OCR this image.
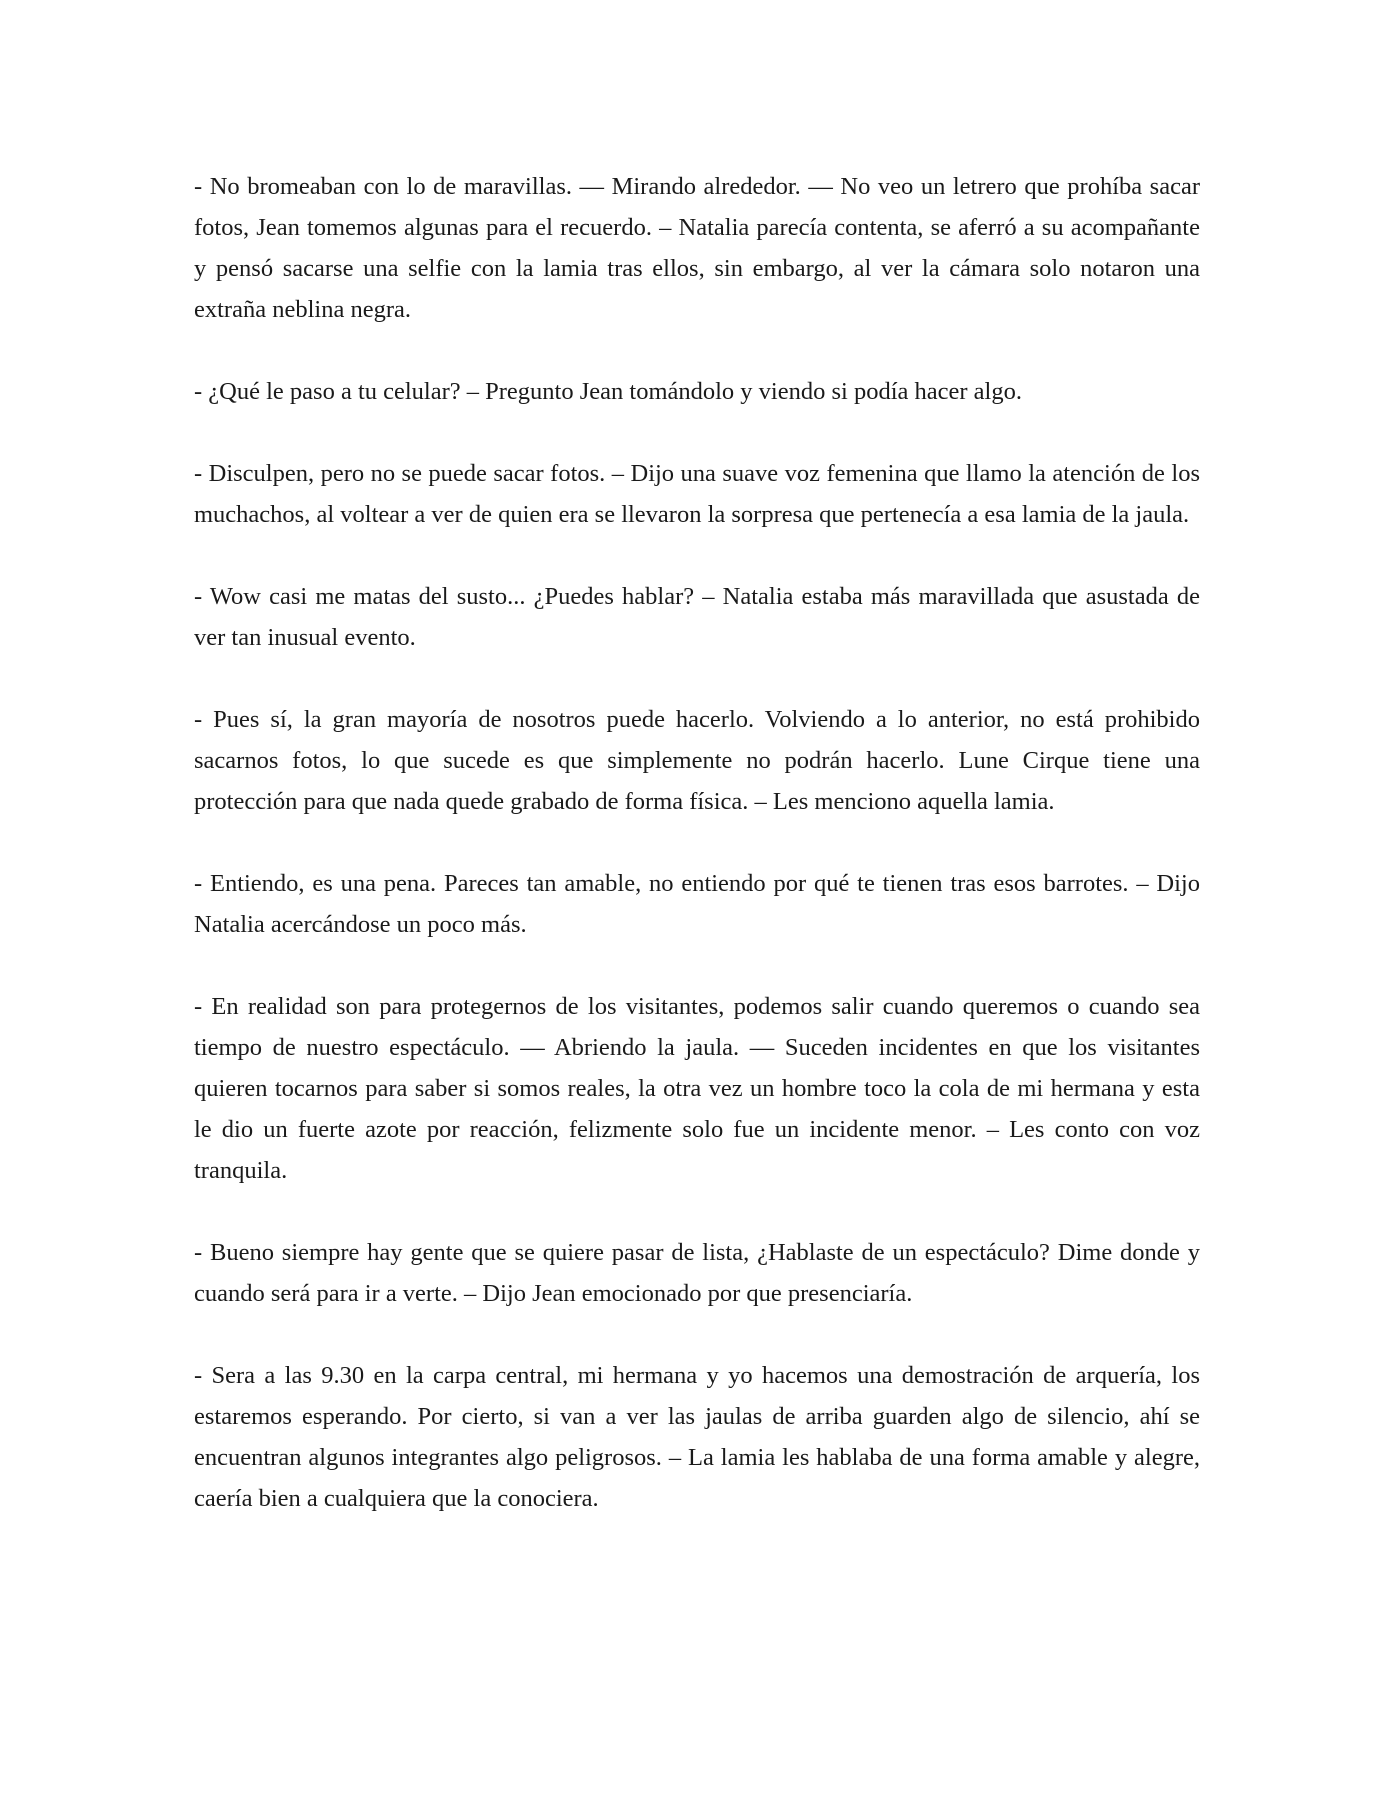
- No bromeaban con lo de maravillas. — Mirando alrededor. — No veo un letrero que prohíba sacar fotos, Jean tomemos algunas para el recuerdo. – Natalia parecía contenta, se aferró a su acompañante y pensó sacarse una selfie con la lamia tras ellos, sin embargo, al ver la cámara solo notaron una extraña neblina negra.

- ¿Qué le paso a tu celular? – Pregunto Jean tomándolo y viendo si podía hacer algo.

- Disculpen, pero no se puede sacar fotos. – Dijo una suave voz femenina que llamo la atención de los muchachos, al voltear a ver de quien era se llevaron la sorpresa que pertenecía a esa lamia de la jaula.

- Wow casi me matas del susto... ¿Puedes hablar? – Natalia estaba más maravillada que asustada de ver tan inusual evento.

- Pues sí, la gran mayoría de nosotros puede hacerlo. Volviendo a lo anterior, no está prohibido sacarnos fotos, lo que sucede es que simplemente no podrán hacerlo. Lune Cirque tiene una protección para que nada quede grabado de forma física. – Les menciono aquella lamia.

- Entiendo, es una pena. Pareces tan amable, no entiendo por qué te tienen tras esos barrotes. – Dijo Natalia acercándose un poco más.

- En realidad son para protegernos de los visitantes, podemos salir cuando queremos o cuando sea tiempo de nuestro espectáculo. — Abriendo la jaula. — Suceden incidentes en que los visitantes quieren tocarnos para saber si somos reales, la otra vez un hombre toco la cola de mi hermana y esta le dio un fuerte azote por reacción, felizmente solo fue un incidente menor. – Les conto con voz tranquila.

- Bueno siempre hay gente que se quiere pasar de lista, ¿Hablaste de un espectáculo? Dime donde y cuando será para ir a verte. – Dijo Jean emocionado por que presenciaría.

- Sera a las 9.30 en la carpa central, mi hermana y yo hacemos una demostración de arquería, los estaremos esperando. Por cierto, si van a ver las jaulas de arriba guarden algo de silencio, ahí se encuentran algunos integrantes algo peligrosos. – La lamia les hablaba de una forma amable y alegre, caería bien a cualquiera que la conociera.
